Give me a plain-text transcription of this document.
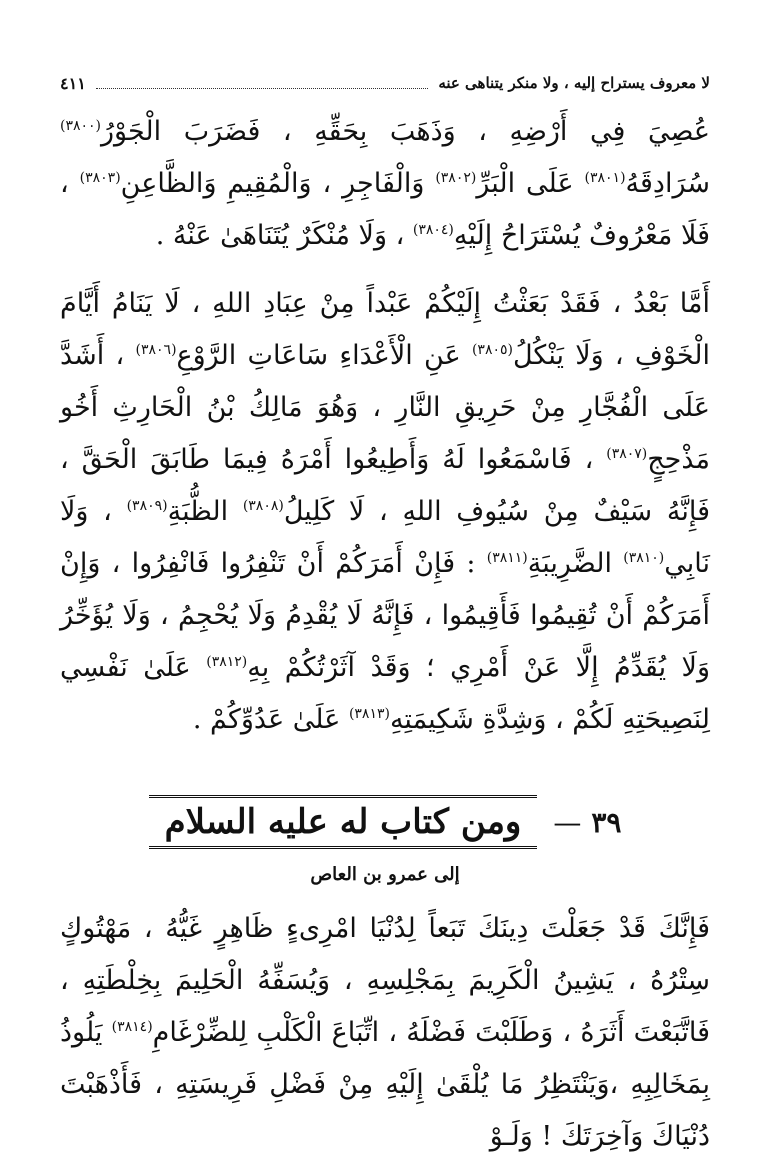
لا معروف يستراح إليه ، ولا منكر يتناهى عنه
٤١١

عُصِيَ فِي أَرْضِهِ ، وَذَهَبَ بِحَقِّهِ ، فَضَرَبَ الْجَوْرُ$^{(٣٨٠٠)}$ سُرَادِقَهُ$^{(٣٨٠١)}$ عَلَى الْبَرِّ$^{(٣٨٠٢)}$ وَالْفَاجِرِ ، وَالْمُقِيمِ وَالظَّاعِنِ$^{(٣٨٠٣)}$ ، فَلَا مَعْرُوفٌ يُسْتَرَاحُ إِلَيْهِ$^{(٣٨٠٤)}$ ، وَلَا مُنْكَرٌ يُتَنَاهَىٰ عَنْهُ .

أَمَّا بَعْدُ ، فَقَدْ بَعَثْتُ إِلَيْكُمْ عَبْداً مِنْ عِبَادِ اللهِ ، لَا يَنَامُ أَيَّامَ الْخَوْفِ ، وَلَا يَنْكُلُ$^{(٣٨٠٥)}$ عَنِ الْأَعْدَاءِ سَاعَاتِ الرَّوْعِ$^{(٣٨٠٦)}$ ، أَشَدَّ عَلَى الْفُجَّارِ مِنْ حَرِيقِ النَّارِ ، وَهُوَ مَالِكُ بْنُ الْحَارِثِ أَخُو مَذْحِجٍ$^{(٣٨٠٧)}$ ، فَاسْمَعُوا لَهُ وَأَطِيعُوا أَمْرَهُ فِيمَا طَابَقَ الْحَقَّ ، فَإِنَّهُ سَيْفٌ مِنْ سُيُوفِ اللهِ ، لَا كَلِيلُ$^{(٣٨٠٨)}$ الظُّبَةِ$^{(٣٨٠٩)}$ ، وَلَا نَابِي$^{(٣٨١٠)}$ الضَّرِيبَةِ$^{(٣٨١١)}$ : فَإِنْ أَمَرَكُمْ أَنْ تَنْفِرُوا فَانْفِرُوا ، وَإِنْ أَمَرَكُمْ أَنْ تُقِيمُوا فَأَقِيمُوا ، فَإِنَّهُ لَا يُقْدِمُ وَلَا يُحْجِمُ ، وَلَا يُؤَخِّرُ وَلَا يُقَدِّمُ إِلَّا عَنْ أَمْرِي ؛ وَقَدْ آثَرْتُكُمْ بِهِ$^{(٣٨١٢)}$ عَلَىٰ نَفْسِي لِنَصِيحَتِهِ لَكُمْ ، وَشِدَّةِ شَكِيمَتِهِ$^{(٣٨١٣)}$ عَلَىٰ عَدُوِّكُمْ .

٣٩
—
ومن كتاب له عليه السلام
إلى عمرو بن العاص

فَإِنَّكَ قَدْ جَعَلْتَ دِينَكَ تَبَعاً لِدُنْيَا امْرِىءٍ ظَاهِرٍ غَيُّهُ ، مَهْتُوكٍ سِتْرُهُ ، يَشِينُ الْكَرِيمَ بِمَجْلِسِهِ ، وَيُسَفِّهُ الْحَلِيمَ بِخِلْطَتِهِ ، فَاتَّبَعْتَ أَثَرَهُ ، وَطَلَبْتَ فَضْلَهُ ، اتِّبَاعَ الْكَلْبِ لِلضِّرْغَامِ$^{(٣٨١٤)}$ يَلُوذُ بِمَخَالِبِهِ ،وَيَنْتَظِرُ مَا يُلْقَىٰ إِلَيْهِ مِنْ فَضْلِ فَرِيسَتِهِ ، فَأَذْهَبْتَ دُنْيَاكَ وَآخِرَتَكَ ! وَلَـوْ
